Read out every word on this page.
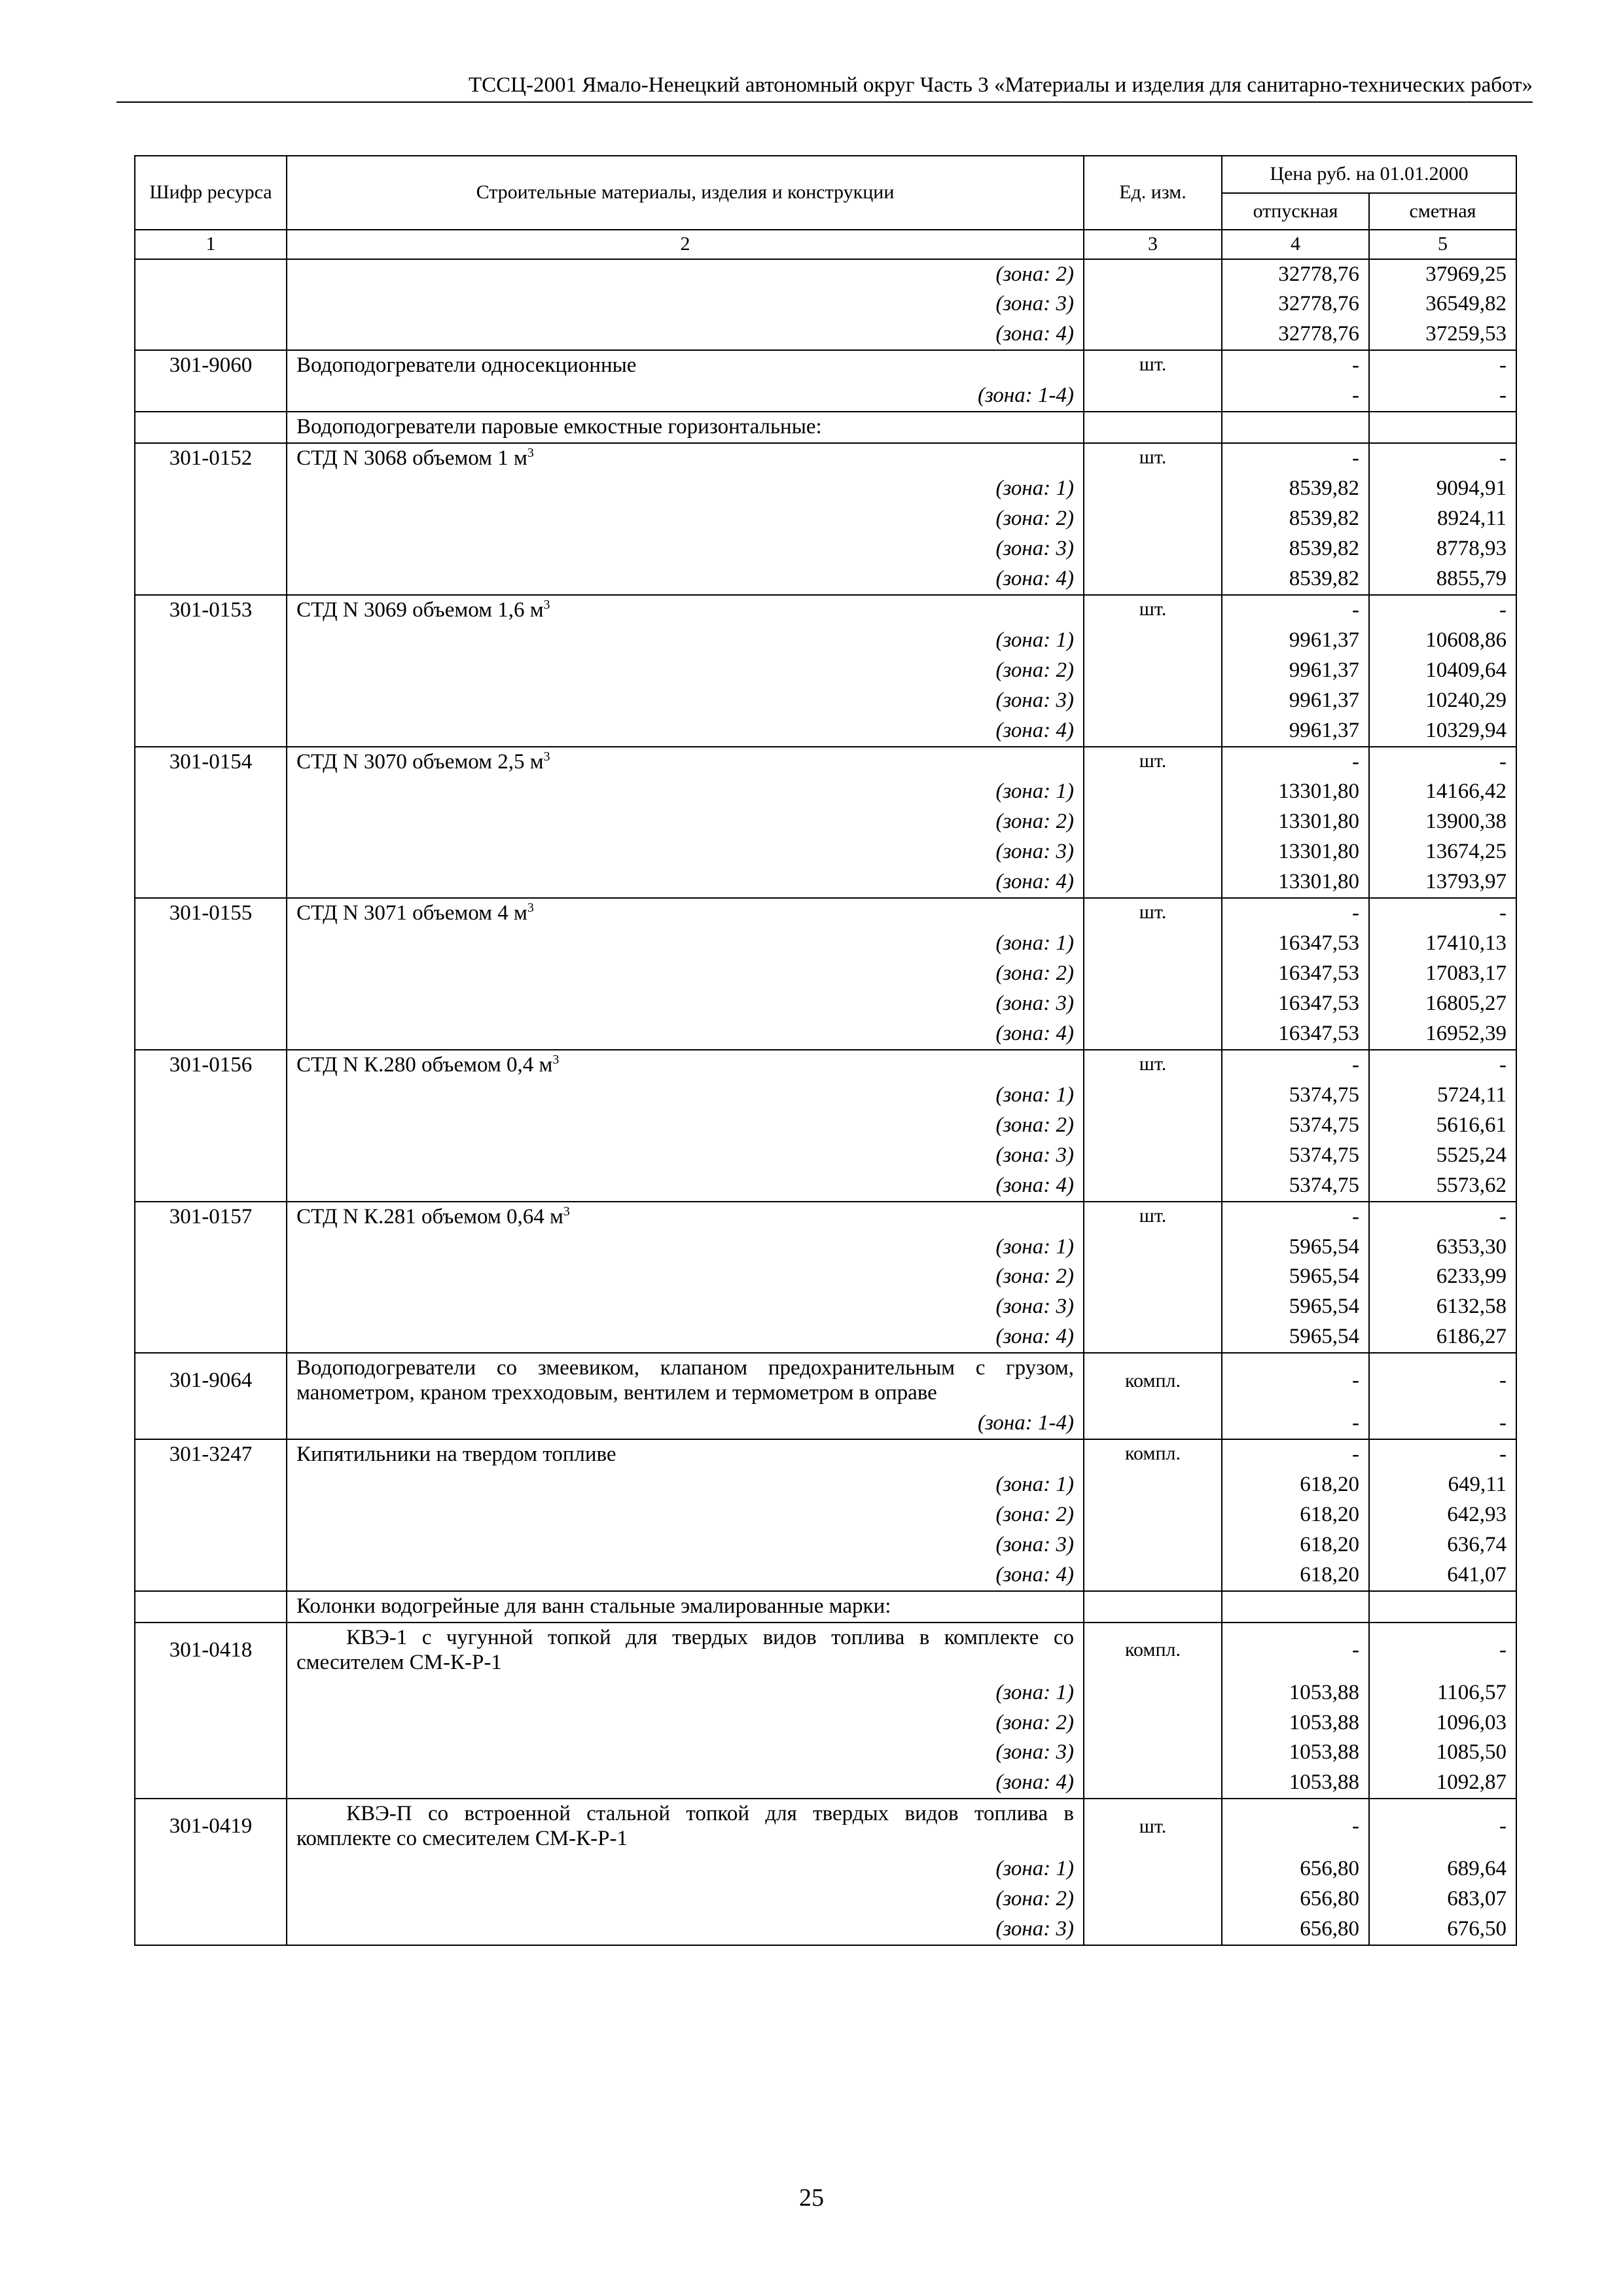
ТССЦ-2001 Ямало-Ненецкий автономный округ Часть 3 «Материалы и изделия для санитарно-технических работ»
Шифр ресурса	Строительные материалы, изделия и конструкции	Ед. изм.	Цена руб. на 01.01.2000	
			отпускная	сметная
1	2	3	4	5
	(зона: 2)		32778,76	37969,25
	(зона: 3)		32778,76	36549,82
	(зона: 4)		32778,76	37259,53
301-9060	Водоподогреватели односекционные	шт.	-	-
	(зона: 1-4)		-	-
	Водоподогреватели паровые емкостные горизонтальные:			
301-0152	СТД N 3068 объемом 1 $м^3$	шт.	-	-
	(зона: 1)		8539,82	9094,91
	(зона: 2)		8539,82	8924,11
	(зона: 3)		8539,82	8778,93
	(зона: 4)		8539,82	8855,79
301-0153	СТД N 3069 объемом 1,6 $м^3$	шт.	-	-
	(зона: 1)		9961,37	10608,86
	(зона: 2)		9961,37	10409,64
	(зона: 3)		9961,37	10240,29
	(зона: 4)		9961,37	10329,94
301-0154	СТД N 3070 объемом 2,5 $м^3$	шт.	-	-
	(зона: 1)		13301,80	14166,42
	(зона: 2)		13301,80	13900,38
	(зона: 3)		13301,80	13674,25
	(зона: 4)		13301,80	13793,97
301-0155	СТД N 3071 объемом 4 $м^3$	шт.	-	-
	(зона: 1)		16347,53	17410,13
	(зона: 2)		16347,53	17083,17
	(зона: 3)		16347,53	16805,27
	(зона: 4)		16347,53	16952,39
301-0156	СТД N К.280 объемом 0,4 $м^3$	шт.	-	-
	(зона: 1)		5374,75	5724,11
	(зона: 2)		5374,75	5616,61
	(зона: 3)		5374,75	5525,24
	(зона: 4)		5374,75	5573,62
301-0157	СТД N К.281 объемом 0,64 $м^3$	шт.	-	-
	(зона: 1)		5965,54	6353,30
	(зона: 2)		5965,54	6233,99
	(зона: 3)		5965,54	6132,58
	(зона: 4)		5965,54	6186,27
301-9064	Водоподогреватели со змеевиком, клапаном предохранительным с грузом, манометром, краном трехходовым, вентилем и термометром в оправе	компл.	-	-
	(зона: 1-4)		-	-
301-3247	Кипятильники на твердом топливе	компл.	-	-
	(зона: 1)		618,20	649,11
	(зона: 2)		618,20	642,93
	(зона: 3)		618,20	636,74
	(зона: 4)		618,20	641,07
	Колонки водогрейные для ванн стальные эмалированные марки:			
301-0418	КВЭ-1 с чугунной топкой для твердых видов топлива в комплекте со смесителем СМ-К-Р-1	компл.	-	-
	(зона: 1)		1053,88	1106,57
	(зона: 2)		1053,88	1096,03
	(зона: 3)		1053,88	1085,50
	(зона: 4)		1053,88	1092,87
301-0419	КВЭ-П со встроенной стальной топкой для твердых видов топлива в комплекте со смесителем СМ-К-Р-1	шт.	-	-
	(зона: 1)		656,80	689,64
	(зона: 2)		656,80	683,07
	(зона: 3)		656,80	676,50
25
